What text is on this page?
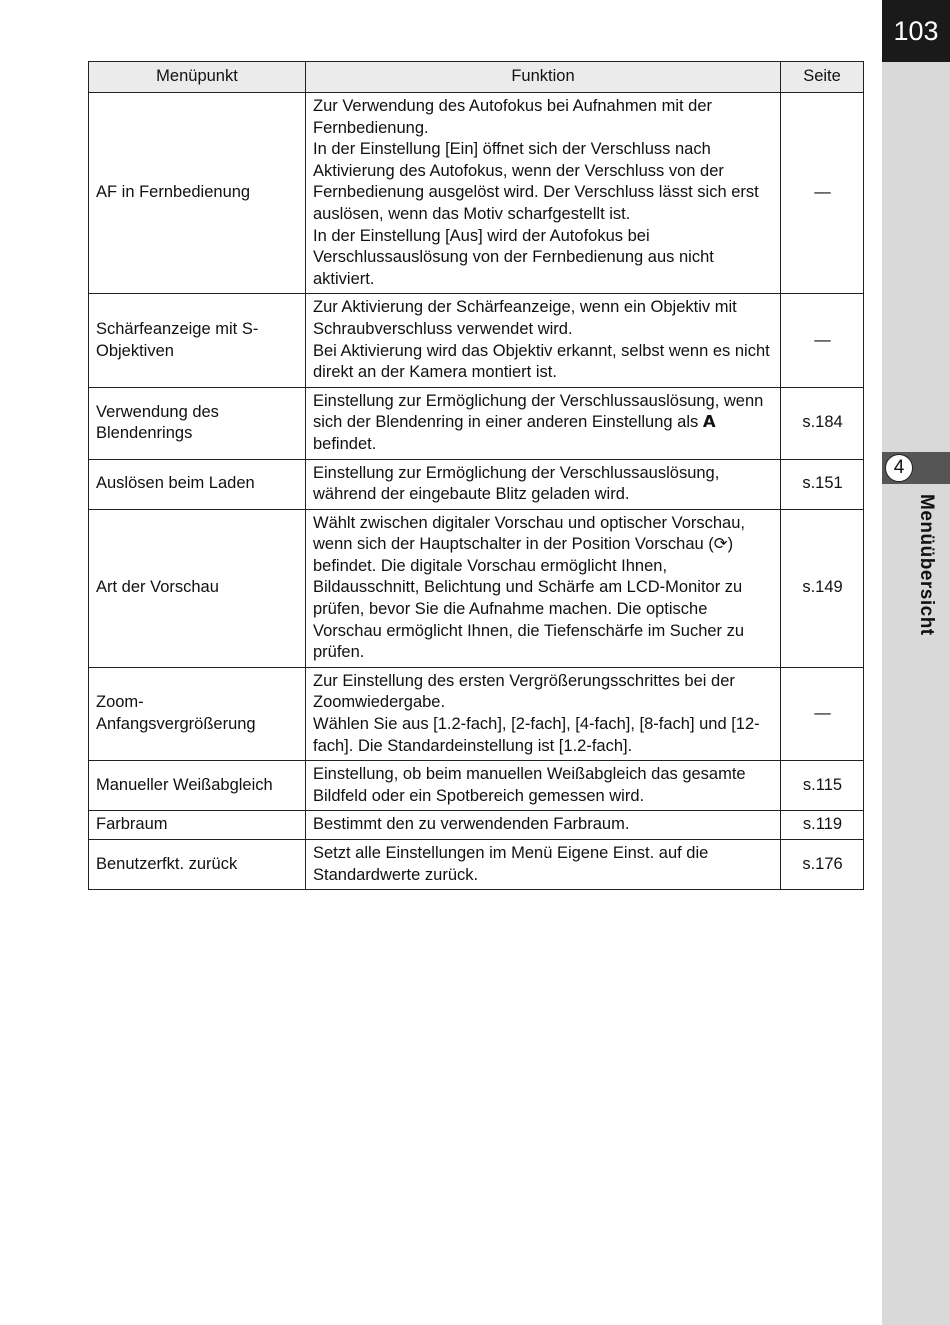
103
4
Menüübersicht
Menüpunkt	Funktion	Seite
AF in Fernbedienung	Zur Verwendung des Autofokus bei Aufnahmen mit der Fernbedienung.
In der Einstellung [Ein] öffnet sich der Verschluss nach Aktivierung des Autofokus, wenn der Verschluss von der Fernbedienung ausgelöst wird. Der Verschluss lässt sich erst auslösen, wenn das Motiv scharfgestellt ist.
In der Einstellung [Aus] wird der Autofokus bei Verschlussauslösung von der Fernbedienung aus nicht aktiviert.	—
Schärfeanzeige mit S-Objektiven	Zur Aktivierung der Schärfeanzeige, wenn ein Objektiv mit Schraubverschluss verwendet wird.
Bei Aktivierung wird das Objektiv erkannt, selbst wenn es nicht direkt an der Kamera montiert ist.	—
Verwendung des Blendenrings	Einstellung zur Ermöglichung der Verschlussauslösung, wenn sich der Blendenring in einer anderen Einstellung als 𝗔 befindet.	s.184
Auslösen beim Laden	Einstellung zur Ermöglichung der Verschlussauslösung, während der eingebaute Blitz geladen wird.	s.151
Art der Vorschau	Wählt zwischen digitaler Vorschau und optischer Vorschau, wenn sich der Hauptschalter in der Position Vorschau (⟳) befindet. Die digitale Vorschau ermöglicht Ihnen, Bildausschnitt, Belichtung und Schärfe am LCD-Monitor zu prüfen, bevor Sie die Aufnahme machen. Die optische Vorschau ermöglicht Ihnen, die Tiefenschärfe im Sucher zu prüfen.	s.149
Zoom-Anfangsvergrößerung	Zur Einstellung des ersten Vergrößerungsschrittes bei der Zoomwiedergabe.
Wählen Sie aus [1.2-fach], [2-fach], [4-fach], [8-fach] und [12-fach]. Die Standardeinstellung ist [1.2-fach].	—
Manueller Weißabgleich	Einstellung, ob beim manuellen Weißabgleich das gesamte Bildfeld oder ein Spotbereich gemessen wird.	s.115
Farbraum	Bestimmt den zu verwendenden Farbraum.	s.119
Benutzerfkt. zurück	Setzt alle Einstellungen im Menü Eigene Einst. auf die Standardwerte zurück.	s.176
